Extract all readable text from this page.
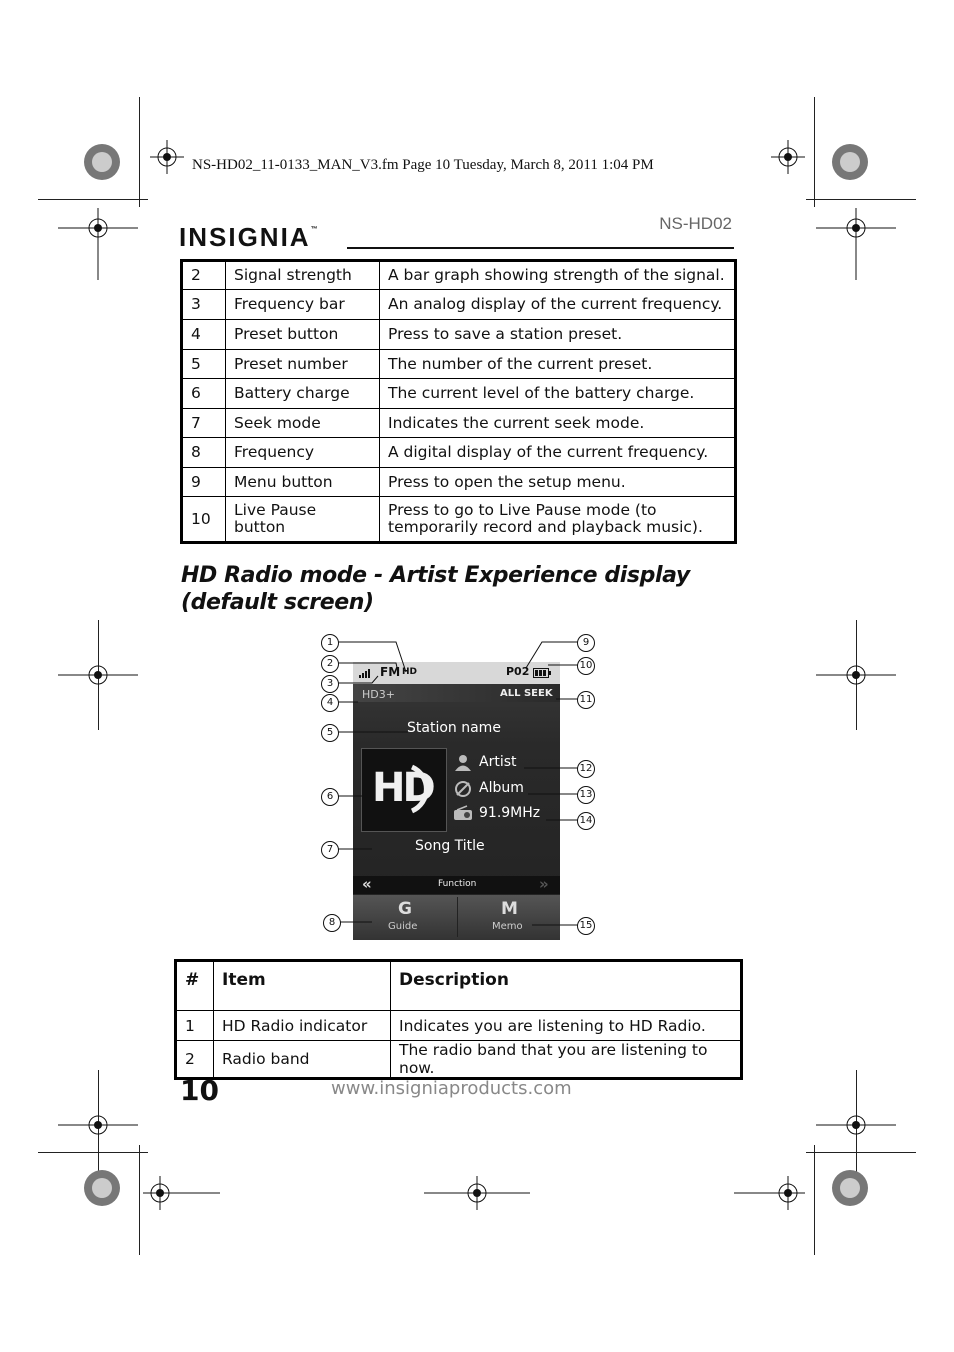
NS-HD02_11-0133_MAN_V3.fm Page 10 Tuesday, March 8, 2011 1:04 PM
INSIGNIA™	NS-HD02
2	Signal strength	A bar graph showing strength of the signal.
3	Frequency bar	An analog display of the current frequency.
4	Preset button	Press to save a station preset.
5	Preset number	The number of the current preset.
6	Battery charge	The current level of the battery charge.
7	Seek mode	Indicates the current seek mode.
8	Frequency	A digital display of the current frequency.
9	Menu button	Press to open the setup menu.
10	Live Pause button	Press to go to Live Pause mode (to temporarily record and playback music).
HD Radio mode - Artist Experience display (default screen)
FM HD	P02
HD3+	ALL SEEK
Station name
HD
Artist
Album
91.9MHz
Song Title
«	Function	»
G
Guide
M
Memo
1
2
3
4
5
6
7
8
9
10
11
12
13
14
15
#	Item	Description
1	HD Radio indicator	Indicates you are listening to HD Radio.
2	Radio band	The radio band that you are listening to now.
10	www.insigniaproducts.com
